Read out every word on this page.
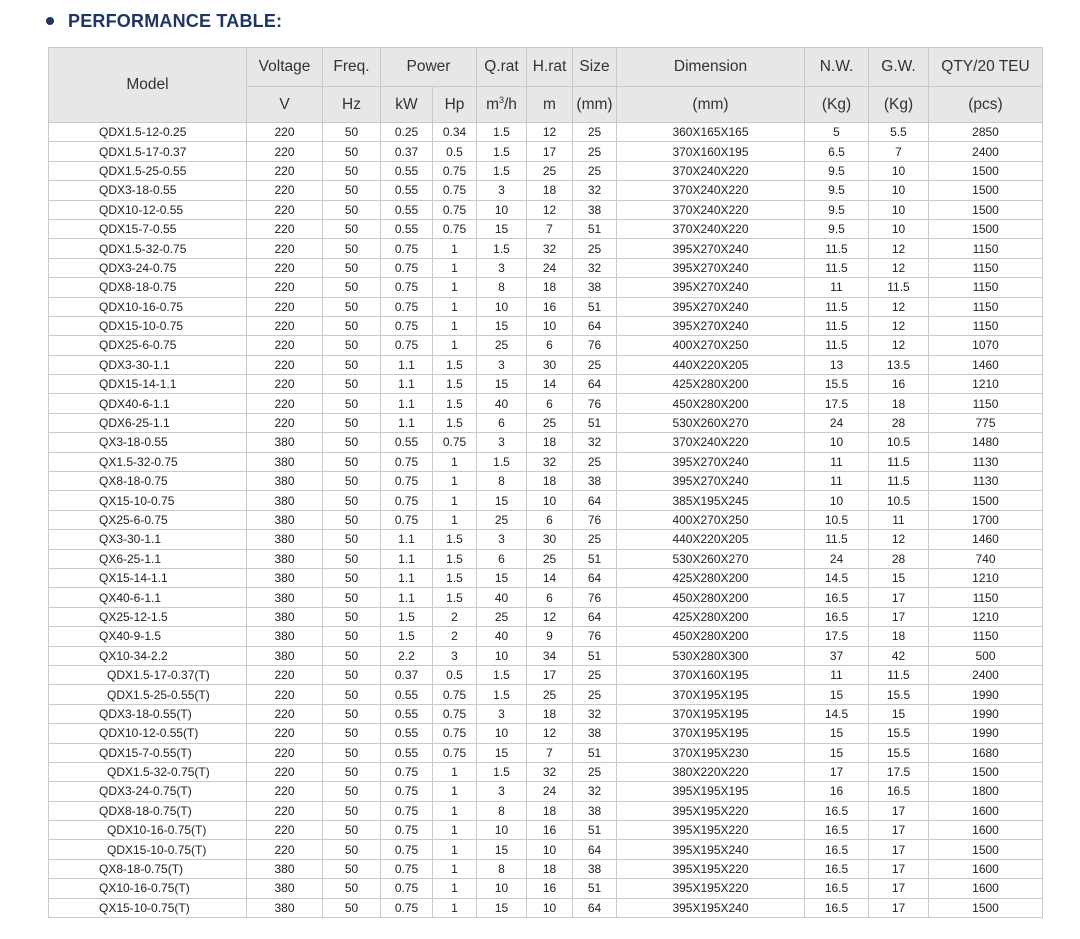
PERFORMANCE TABLE:
Model	Voltage	Freq.	Power		Q.rat	H.rat	Size	Dimension	N.W.	G.W.	QTY/20 TEU
	V	Hz	kW	Hp	$m^3/h$	m	(mm)	(mm)	(Kg)	(Kg)	(pcs)
QDX1.5-12-0.25	220	50	0.25	0.34	1.5	12	25	360X165X165	5	5.5	2850
QDX1.5-17-0.37	220	50	0.37	0.5	1.5	17	25	370X160X195	6.5	7	2400
QDX1.5-25-0.55	220	50	0.55	0.75	1.5	25	25	370X240X220	9.5	10	1500
QDX3-18-0.55	220	50	0.55	0.75	3	18	32	370X240X220	9.5	10	1500
QDX10-12-0.55	220	50	0.55	0.75	10	12	38	370X240X220	9.5	10	1500
QDX15-7-0.55	220	50	0.55	0.75	15	7	51	370X240X220	9.5	10	1500
QDX1.5-32-0.75	220	50	0.75	1	1.5	32	25	395X270X240	11.5	12	1150
QDX3-24-0.75	220	50	0.75	1	3	24	32	395X270X240	11.5	12	1150
QDX8-18-0.75	220	50	0.75	1	8	18	38	395X270X240	11	11.5	1150
QDX10-16-0.75	220	50	0.75	1	10	16	51	395X270X240	11.5	12	1150
QDX15-10-0.75	220	50	0.75	1	15	10	64	395X270X240	11.5	12	1150
QDX25-6-0.75	220	50	0.75	1	25	6	76	400X270X250	11.5	12	1070
QDX3-30-1.1	220	50	1.1	1.5	3	30	25	440X220X205	13	13.5	1460
QDX15-14-1.1	220	50	1.1	1.5	15	14	64	425X280X200	15.5	16	1210
QDX40-6-1.1	220	50	1.1	1.5	40	6	76	450X280X200	17.5	18	1150
QDX6-25-1.1	220	50	1.1	1.5	6	25	51	530X260X270	24	28	775
QX3-18-0.55	380	50	0.55	0.75	3	18	32	370X240X220	10	10.5	1480
QX1.5-32-0.75	380	50	0.75	1	1.5	32	25	395X270X240	11	11.5	1130
QX8-18-0.75	380	50	0.75	1	8	18	38	395X270X240	11	11.5	1130
QX15-10-0.75	380	50	0.75	1	15	10	64	385X195X245	10	10.5	1500
QX25-6-0.75	380	50	0.75	1	25	6	76	400X270X250	10.5	11	1700
QX3-30-1.1	380	50	1.1	1.5	3	30	25	440X220X205	11.5	12	1460
QX6-25-1.1	380	50	1.1	1.5	6	25	51	530X260X270	24	28	740
QX15-14-1.1	380	50	1.1	1.5	15	14	64	425X280X200	14.5	15	1210
QX40-6-1.1	380	50	1.1	1.5	40	6	76	450X280X200	16.5	17	1150
QX25-12-1.5	380	50	1.5	2	25	12	64	425X280X200	16.5	17	1210
QX40-9-1.5	380	50	1.5	2	40	9	76	450X280X200	17.5	18	1150
QX10-34-2.2	380	50	2.2	3	10	34	51	530X280X300	37	42	500
QDX1.5-17-0.37(T)	220	50	0.37	0.5	1.5	17	25	370X160X195	11	11.5	2400
QDX1.5-25-0.55(T)	220	50	0.55	0.75	1.5	25	25	370X195X195	15	15.5	1990
QDX3-18-0.55(T)	220	50	0.55	0.75	3	18	32	370X195X195	14.5	15	1990
QDX10-12-0.55(T)	220	50	0.55	0.75	10	12	38	370X195X195	15	15.5	1990
QDX15-7-0.55(T)	220	50	0.55	0.75	15	7	51	370X195X230	15	15.5	1680
QDX1.5-32-0.75(T)	220	50	0.75	1	1.5	32	25	380X220X220	17	17.5	1500
QDX3-24-0.75(T)	220	50	0.75	1	3	24	32	395X195X195	16	16.5	1800
QDX8-18-0.75(T)	220	50	0.75	1	8	18	38	395X195X220	16.5	17	1600
QDX10-16-0.75(T)	220	50	0.75	1	10	16	51	395X195X220	16.5	17	1600
QDX15-10-0.75(T)	220	50	0.75	1	15	10	64	395X195X240	16.5	17	1500
QX8-18-0.75(T)	380	50	0.75	1	8	18	38	395X195X220	16.5	17	1600
QX10-16-0.75(T)	380	50	0.75	1	10	16	51	395X195X220	16.5	17	1600
QX15-10-0.75(T)	380	50	0.75	1	15	10	64	395X195X240	16.5	17	1500
